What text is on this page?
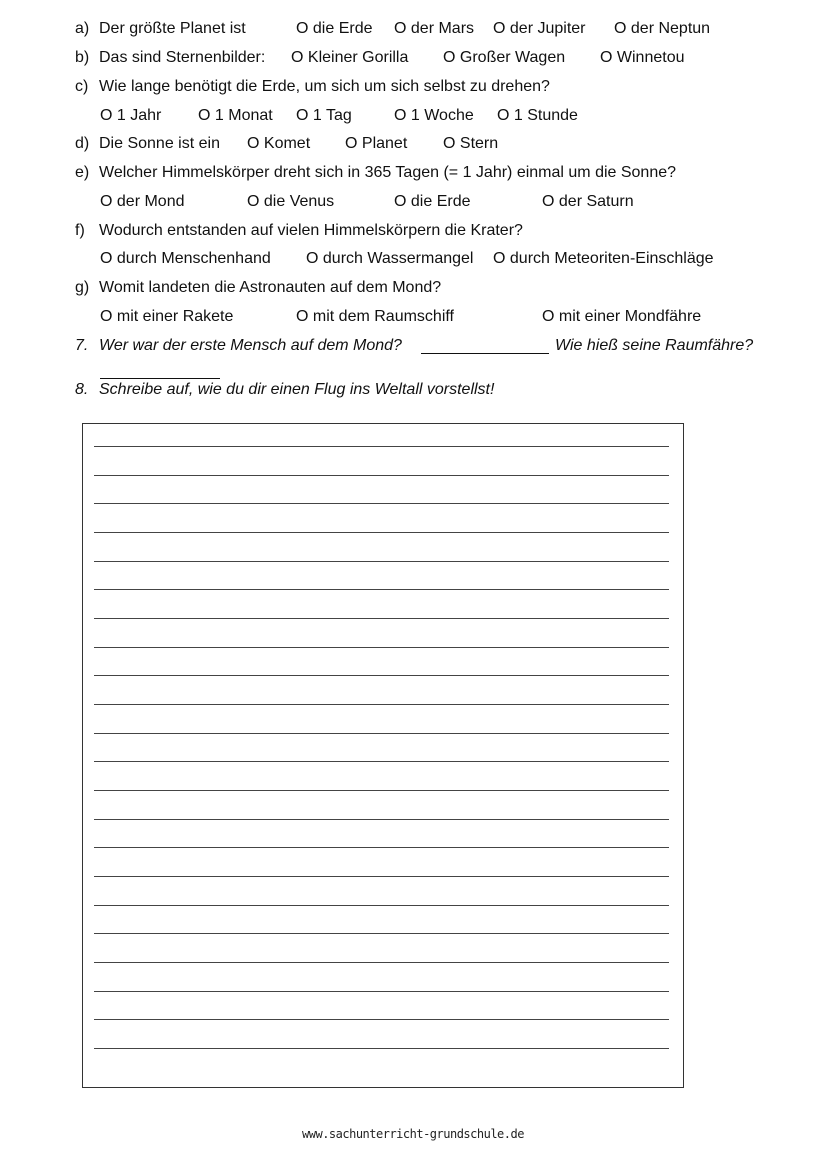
a) Der größte Planet ist	O die Erde O der Mars O der Jupiter O der Neptun
b) Das sind Sternenbilder: O Kleiner Gorilla O Großer Wagen O Winnetou
c) Wie lange benötigt die Erde, um sich um sich selbst zu drehen?
O 1 Jahr O 1 Monat O 1 Tag	O 1 Woche O 1 Stunde
d) Die Sonne ist ein O Komet O Planet O Stern
e) Welcher Himmelskörper dreht sich in 365 Tagen (= 1 Jahr) einmal um die Sonne?
O der Mond	O die Venus	O die Erde	O der Saturn
f) Wodurch entstanden auf vielen Himmelskörpern die Krater?
O durch Menschenhand O durch Wassermangel O durch Meteoriten-Einschläge
g) Womit landeten die Astronauten auf dem Mond?
O mit einer Rakete	O mit dem Raumschiff	O mit einer Mondfähre
7. Wer war der erste Mensch auf dem Mond?	Wie hieß seine Raumfähre?
8. Schreibe auf, wie du dir einen Flug ins Weltall vorstellst!
www.sachunterricht-grundschule.de
